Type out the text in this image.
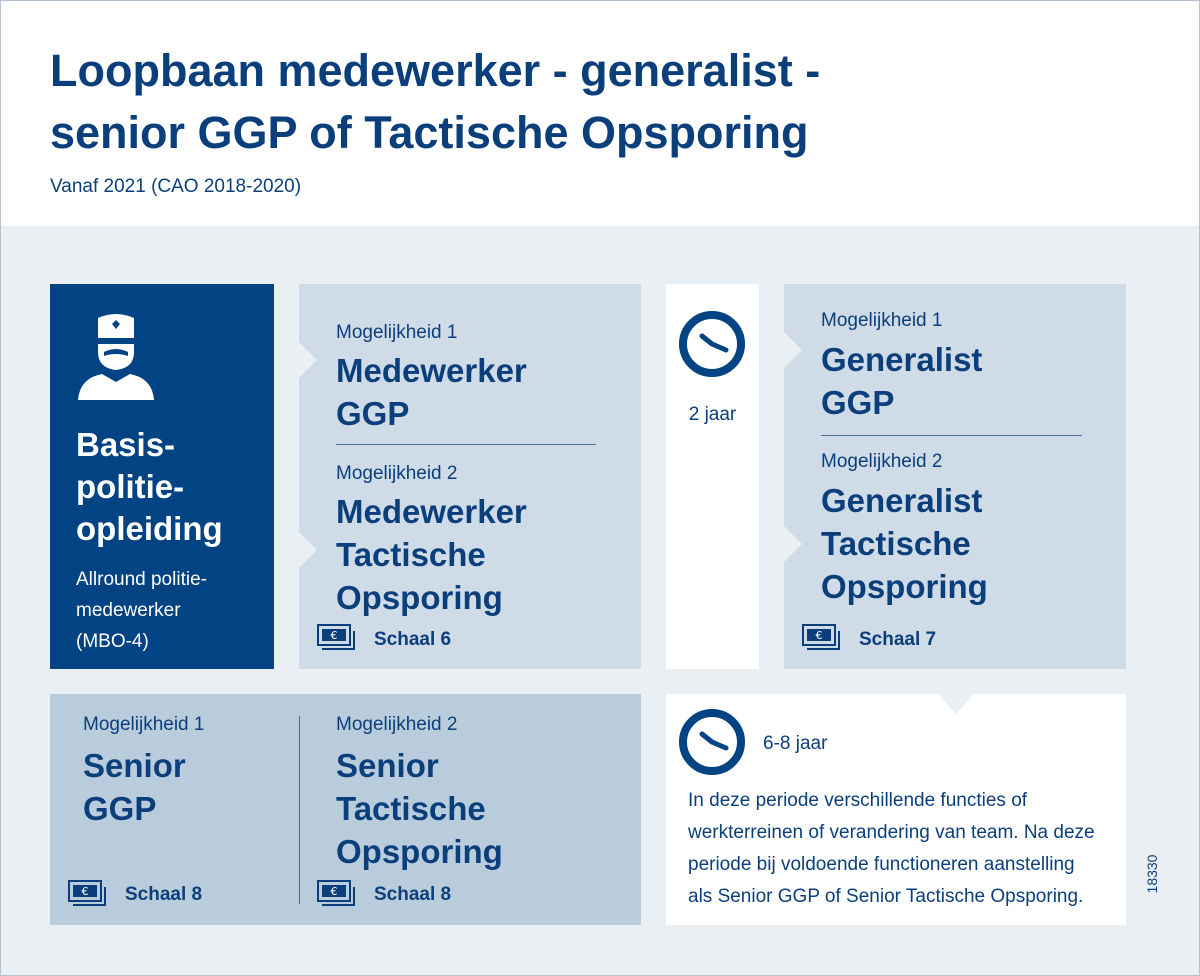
Loopbaan medewerker - generalist -
senior GGP of Tactische Opsporing
Vanaf 2021 (CAO 2018-2020)
Basis-
politie-
opleiding
Allround politie-
medewerker
(MBO-4)
Mogelijkheid 1
Medewerker
GGP
Mogelijkheid 2
Medewerker
Tactische
Opsporing
€ Schaal 6
2 jaar
Mogelijkheid 1
Generalist
GGP
Mogelijkheid 2
Generalist
Tactische
Opsporing
€ Schaal 7
Mogelijkheid 1
Senior
GGP
€ Schaal 8
Mogelijkheid 2
Senior
Tactische
Opsporing
€ Schaal 8
6-8 jaar
In deze periode verschillende functies of
werkterreinen of verandering van team. Na deze
periode bij voldoende functioneren aanstelling
als Senior GGP of Senior Tactische Opsporing.
18330
